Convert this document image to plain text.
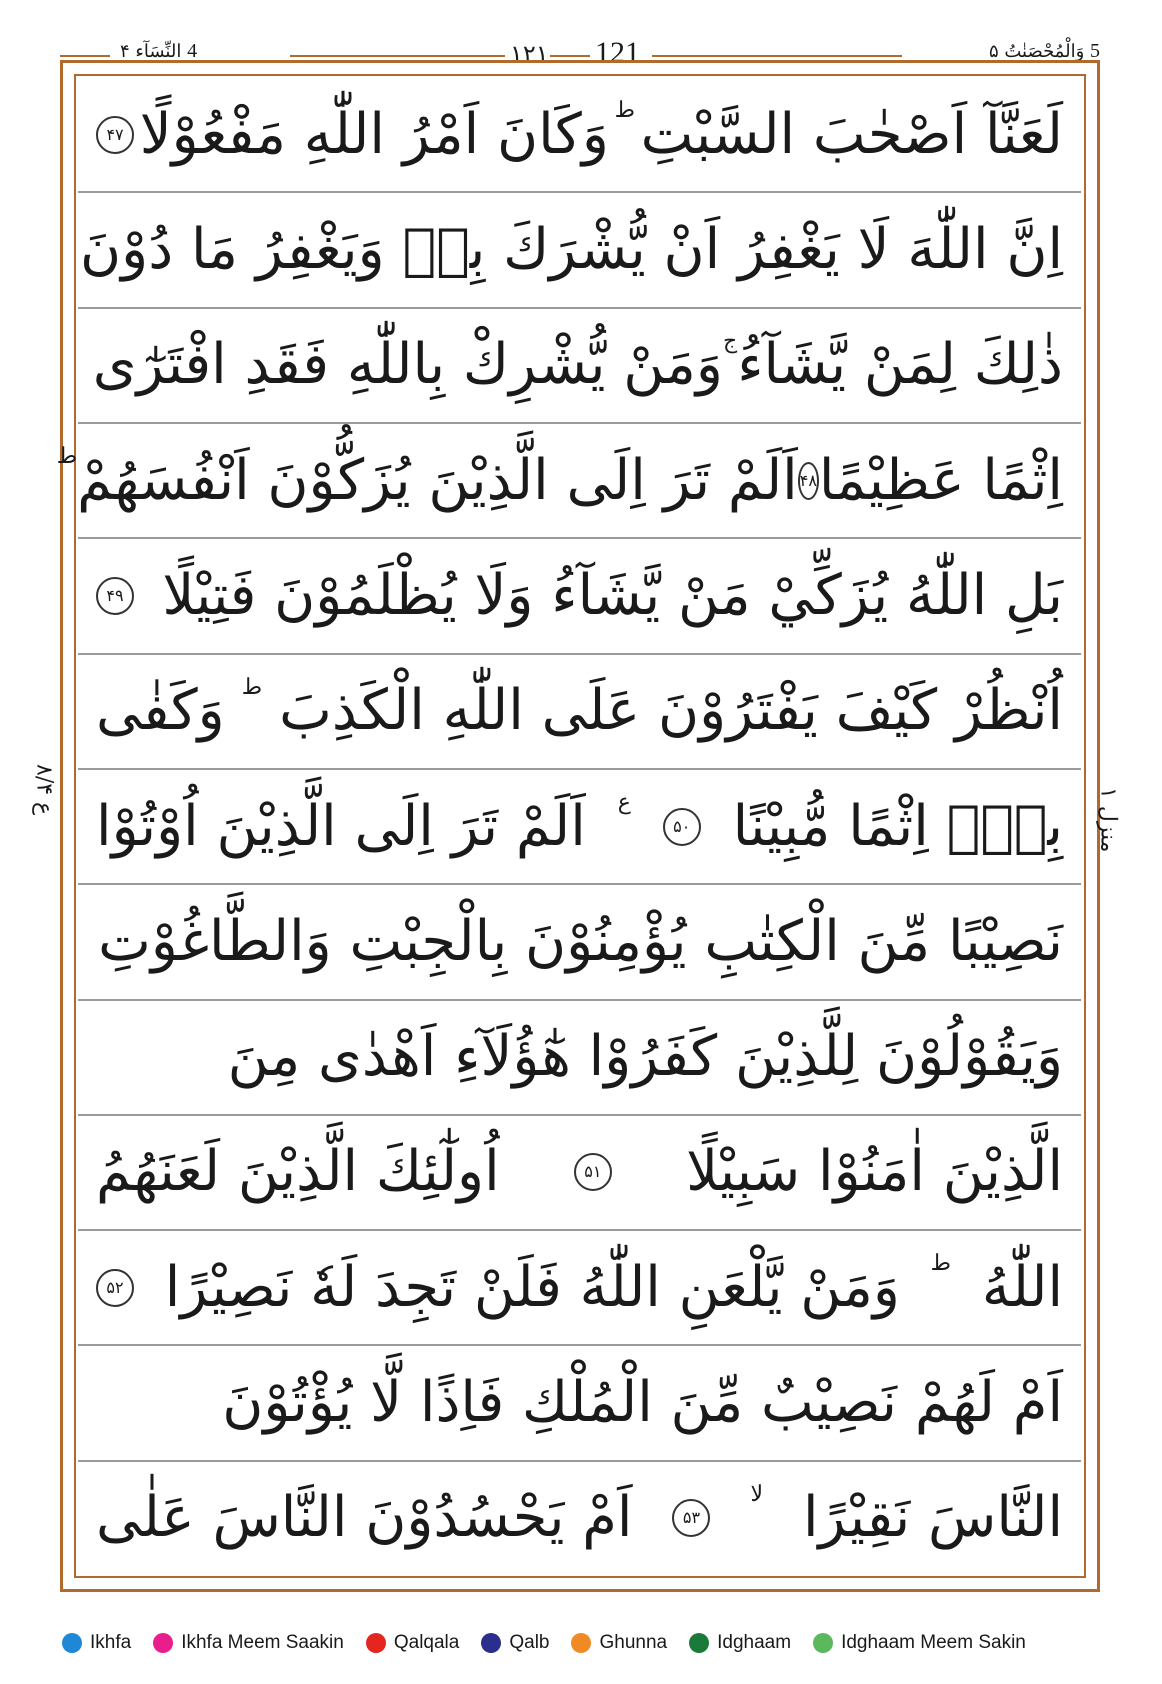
4 النِّسَآء ۴	۱۲۱ 121	5 وَالْمُحْصَنٰتُ ۵
لَعَنَّآ اَصْحٰبَ السَّبْتِ
ط
وَكَانَ اَمْرُ اللّٰهِ مَفْعُوْلًا
۴۷
اِنَّ اللّٰهَ لَا يَغْفِرُ اَنْ يُّشْرَكَ بِهٖ وَيَغْفِرُ مَا دُوْنَ
ذٰلِكَ لِمَنْ يَّشَآءُ
ج
وَمَنْ يُّشْرِكْ بِاللّٰهِ فَقَدِ افْتَرٰٓى
اِثْمًا عَظِيْمًا
۴۸
اَلَمْ تَرَ اِلَى الَّذِيْنَ يُزَكُّوْنَ اَنْفُسَهُمْ
ط
بَلِ اللّٰهُ يُزَكِّيْ مَنْ يَّشَآءُ وَلَا يُظْلَمُوْنَ فَتِيْلًا
۴۹
اُنْظُرْ كَيْفَ يَفْتَرُوْنَ عَلَى اللّٰهِ الْكَذِبَ
ط
وَكَفٰى
بِهٖٓ اِثْمًا مُّبِيْنًا
۵۰
ع
اَلَمْ تَرَ اِلَى الَّذِيْنَ اُوْتُوْا
نَصِيْبًا مِّنَ الْكِتٰبِ يُؤْمِنُوْنَ بِالْجِبْتِ وَالطَّاغُوْتِ
وَيَقُوْلُوْنَ لِلَّذِيْنَ كَفَرُوْا هٰٓؤُلَآءِ اَهْدٰى مِنَ
الَّذِيْنَ اٰمَنُوْا سَبِيْلًا
۵۱
اُولٰٓئِكَ الَّذِيْنَ لَعَنَهُمُ
اللّٰهُ
ط
وَمَنْ يَّلْعَنِ اللّٰهُ فَلَنْ تَجِدَ لَهٗ نَصِيْرًا
۵۲
اَمْ لَهُمْ نَصِيْبٌ مِّنَ الْمُلْكِ فَاِذًا لَّا يُؤْتُوْنَ
النَّاسَ نَقِيْرًا
لا
۵۳
اَمْ يَحْسُدُوْنَ النَّاسَ عَلٰى
منزل ۱
ع ۸/۴
Ikhfa	Ikhfa Meem Saakin	Qalqala	Qalb	Ghunna	Idghaam	Idghaam Meem Sakin
